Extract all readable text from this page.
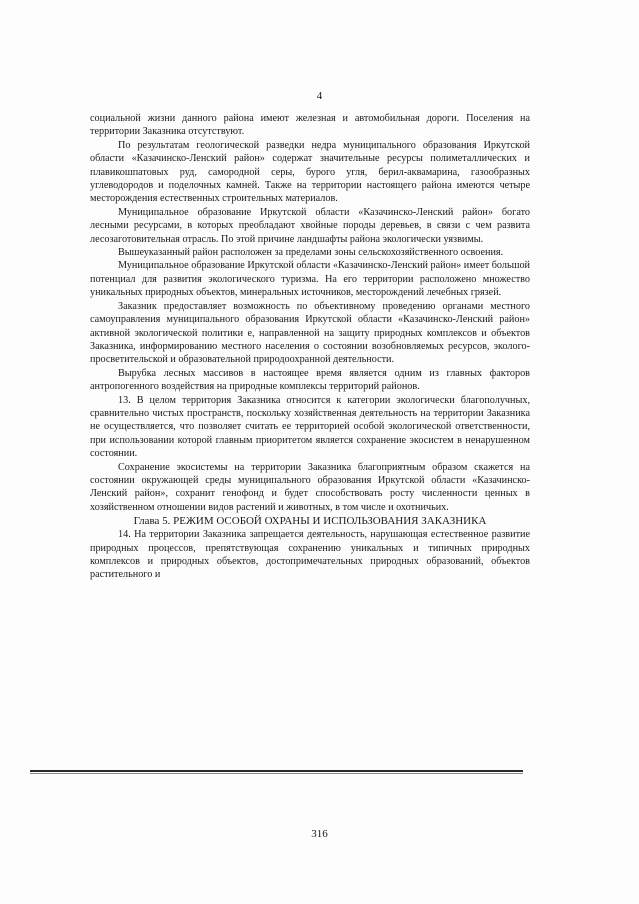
4

социальной жизни данного района имеют железная и автомобильная дороги. Поселения на территории Заказника отсутствуют.

По результатам геологической разведки недра муниципального образования Иркутской области «Казачинско-Ленский район» содержат значительные ресурсы полиметаллических и плавикошпатовых руд, самородной серы, бурого угля, берил-аквамарина, газообразных углеводородов и поделочных камней. Также на территории настоящего района имеются четыре месторождения естественных строительных материалов.

Муниципальное образование Иркутской области «Казачинско-Ленский район» богато лесными ресурсами, в которых преобладают хвойные породы деревьев, в связи с чем развита лесозаготовительная отрасль. По этой причине ландшафты района экологически уязвимы.

Вышеуказанный район расположен за пределами зоны сельскохозяйственного освоения.

Муниципальное образование Иркутской области «Казачинско-Ленский район» имеет большой потенциал для развития экологического туризма. На его территории расположено множество уникальных природных объектов, минеральных источников, месторождений лечебных грязей.

Заказник предоставляет возможность по объективному проведению органами местного самоуправления муниципального образования Иркутской области «Казачинско-Ленский район» активной экологической политики е, направленной на защиту природных комплексов и объектов Заказника, информированию местного населения о состоянии возобновляемых ресурсов, эколого-просветительской и образовательной природоохранной деятельности.

Вырубка лесных массивов в настоящее время является одним из главных факторов антропогенного воздействия на природные комплексы территорий районов.

13. В целом территория Заказника относится к категории экологически благополучных, сравнительно чистых пространств, поскольку хозяйственная деятельность на территории Заказника не осуществляется, что позволяет считать ее территорией особой экологической ответственности, при использовании которой главным приоритетом является сохранение экосистем в ненарушенном состоянии.

Сохранение экосистемы на территории Заказника благоприятным образом скажется на состоянии окружающей среды муниципального образования Иркутской области «Казачинско-Ленский район», сохранит генофонд и будет способствовать росту численности ценных в хозяйственном отношении видов растений и животных, в том числе и охотничьих.

Глава 5. РЕЖИМ ОСОБОЙ ОХРАНЫ И ИСПОЛЬЗОВАНИЯ ЗАКАЗНИКА

14. На территории Заказника запрещается деятельность, нарушающая естественное развитие природных процессов, препятствующая сохранению уникальных и типичных природных комплексов и природных объектов, достопримечательных природных образований, объектов растительного и

316
